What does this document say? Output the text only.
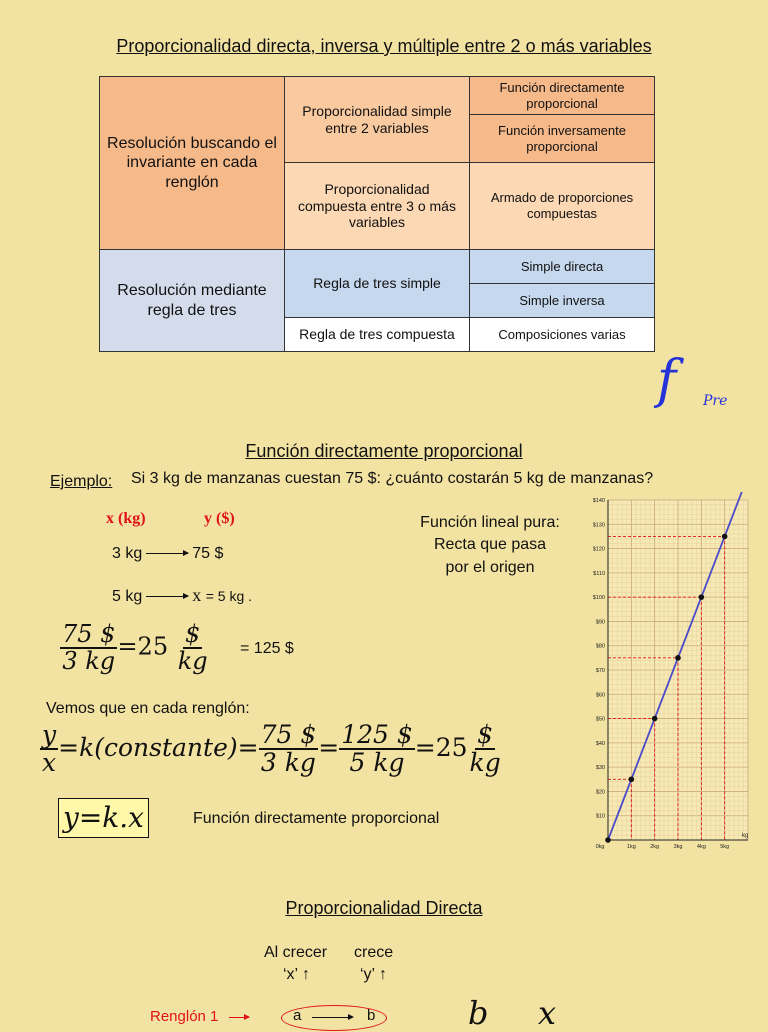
Proporcionalidad directa, inversa y múltiple entre 2 o más variables
Resolución buscando el invariante en cada renglón	Proporcionalidad simple entre 2 variables	Función directamente proporcional
		Función inversamente proporcional
	Proporcionalidad compuesta entre 3 o más variables	Armado de proporciones compuestas
Resolución mediante regla de tres	Regla de tres simple	Simple directa
		Simple inversa
	Regla de tres compuesta	Composiciones varias
f Pre
Función directamente proporcional
Ejemplo: Si 3 kg de manzanas cuestan 75 $: ¿cuánto costarán 5 kg de manzanas?
x (kg)	y ($)
3 kg	75 $
5 kg	x = 5 kg .
Función lineal pura:
Recta que pasa
por el origen
$\frac{75 \$}{3 kg} =25 \frac{\$}{kg} = 125$ $
Vemos que en cada renglón:
$\frac{y}{x}$ =k(constante)= $\frac{75 \$}{3 kg} = \frac{125 \$}{5 kg} =25 \frac{\$}{kg}$
y=k.x	Función directamente proporcional	$10
$20
$30
$40
$50
$60
$70
$80
$90
$100
$110
$120
$130
$140
0kg	1kg	2kg	3kg	4kg	5kg
kg
Proporcionalidad Directa
Al crecer crece
‘x’ ↑	‘y’ ↑
Renglón 1	a	b	b x
